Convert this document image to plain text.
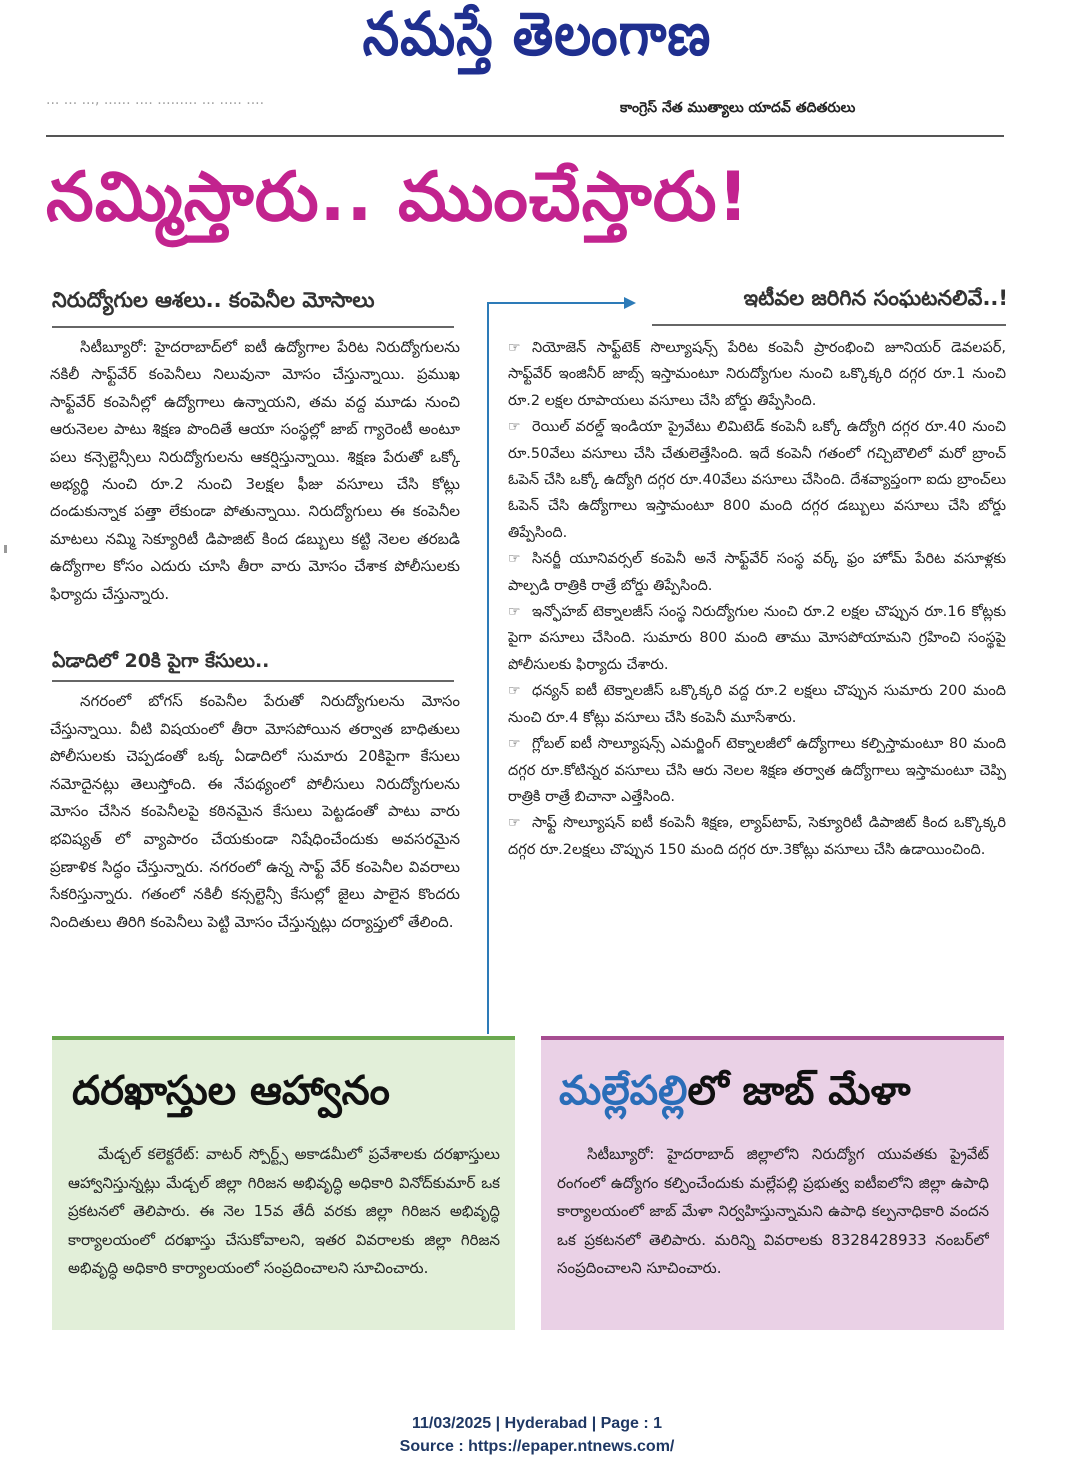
నమస్తే తెలంగాణ
... ... ..., ...... .... ......... ... ..... ....	కాంగ్రెస్ నేత ముత్యాలు యాదవ్ తదితరులు
నమ్మిస్తారు.. ముంచేస్తారు!
నిరుద్యోగుల ఆశలు.. కంపెనీల మోసాలు	ఇటీవల జరిగిన సంఘటనలివే..!
సిటీబ్యూరో: హైదరాబాద్‌లో ఐటీ ఉద్యోగాల పేరిట నిరుద్యోగులను నకిలీ సాఫ్ట్‌వేర్ కంపెనీలు నిలువునా మోసం చేస్తున్నాయి. ప్రముఖ సాఫ్ట్‌వేర్ కంపెనీల్లో ఉద్యోగాలు ఉన్నాయని, తమ వద్ద మూడు నుంచి ఆరునెలల పాటు శిక్షణ పొందితే ఆయా సంస్థల్లో జాబ్ గ్యారెంటీ అంటూ పలు కన్సెల్టెన్సీలు నిరుద్యోగులను ఆకర్షిస్తున్నాయి. శిక్షణ పేరుతో ఒక్కో అభ్యర్థి నుంచి రూ.2 నుంచి 3లక్షల ఫీజు వసూలు చేసి కోట్లు దండుకున్నాక పత్తా లేకుండా పోతున్నాయి. నిరుద్యోగులు ఈ కంపెనీల మాటలు నమ్మి సెక్యూరిటీ డిపాజిట్ కింద డబ్బులు కట్టి నెలల తరబడి ఉద్యోగాల కోసం ఎదురు చూసి తీరా వారు మోసం చేశాక పోలీసులకు ఫిర్యాదు చేస్తున్నారు.
ఏడాదిలో 20కి పైగా కేసులు..
నగరంలో బోగస్ కంపెనీల పేరుతో నిరుద్యోగులను మోసం చేస్తున్నాయి. వీటి విషయంలో తీరా మోసపోయిన తర్వాత బాధితులు పోలీసులకు చెప్పడంతో ఒక్క ఏడాదిలో సుమారు 20కిపైగా కేసులు నమోదైనట్లు తెలుస్తోంది. ఈ నేపథ్యంలో పోలీసులు నిరుద్యోగులను మోసం చేసిన కంపెనీలపై కఠినమైన కేసులు పెట్టడంతో పాటు వారు భవిష్యత్ లో వ్యాపారం చేయకుండా నిషేధించేందుకు అవసరమైన ప్రణాళిక సిద్ధం చేస్తున్నారు. నగరంలో ఉన్న సాఫ్ట్ వేర్ కంపెనీల వివరాలు సేకరిస్తున్నారు. గతంలో నకిలీ కన్సల్టెన్సీ కేసుల్లో జైలు పాలైన కొందరు నిందితులు తిరిగి కంపెనీలు పెట్టి మోసం చేస్తున్నట్లు దర్యాప్తులో తేలింది.
☞ నియోజెన్ సాఫ్ట్‌టెక్ సొల్యూషన్స్ పేరిట కంపెనీ ప్రారంభించి జూనియర్ డెవలపర్, సాఫ్ట్‌వేర్ ఇంజినీర్ జాబ్స్ ఇస్తామంటూ నిరుద్యోగుల నుంచి ఒక్కొక్కరి దగ్గర రూ.1 నుంచి రూ.2 లక్షల రూపాయలు వసూలు చేసి బోర్డు తిప్పేసింది.
☞ రెయిల్ వరల్డ్ ఇండియా ప్రైవేటు లిమిటెడ్ కంపెనీ ఒక్కో ఉద్యోగి దగ్గర రూ.40 నుంచి రూ.50వేలు వసూలు చేసి చేతులెత్తేసింది. ఇదే కంపెనీ గతంలో గచ్చిబౌలిలో మరో బ్రాంచ్ ఓపెన్ చేసి ఒక్కో ఉద్యోగి దగ్గర రూ.40వేలు వసూలు చేసింది. దేశవ్యాప్తంగా ఐదు బ్రాంచ్‌లు ఓపెన్ చేసి ఉద్యోగాలు ఇస్తామంటూ 800 మంది దగ్గర డబ్బులు వసూలు చేసి బోర్డు తిప్పేసింది.
☞ సినర్జీ యూనివర్సల్ కంపెనీ అనే సాఫ్ట్‌వేర్ సంస్థ వర్క్ ఫ్రం హోమ్ పేరిట వసూళ్లకు పాల్పడి రాత్రికి రాత్రే బోర్డు తిప్పేసింది.
☞ ఇన్ఫోహబ్ టెక్నాలజీస్ సంస్థ నిరుద్యోగుల నుంచి రూ.2 లక్షల చొప్పున రూ.16 కోట్లకు పైగా వసూలు చేసింది. సుమారు 800 మంది తాము మోసపోయామని గ్రహించి సంస్థపై పోలీసులకు ఫిర్యాదు చేశారు.
☞ ధన్యన్ ఐటీ టెక్నాలజీస్ ఒక్కొక్కరి వద్ద రూ.2 లక్షలు చొప్పున సుమారు 200 మంది నుంచి రూ.4 కోట్లు వసూలు చేసి కంపెనీ మూసేశారు.
☞ గ్లోబల్ ఐటీ సొల్యూషన్స్ ఎమర్జింగ్ టెక్నాలజీలో ఉద్యోగాలు కల్పిస్తామంటూ 80 మంది దగ్గర రూ.కోటిన్నర వసూలు చేసి ఆరు నెలల శిక్షణ తర్వాత ఉద్యోగాలు ఇస్తామంటూ చెప్పి రాత్రికి రాత్రే బిచానా ఎత్తేసింది.
☞ సాఫ్ట్ సొల్యూషన్ ఐటీ కంపెనీ శిక్షణ, ల్యాప్‌టాప్, సెక్యూరిటీ డిపాజిట్ కింద ఒక్కొక్కరి దగ్గర రూ.2లక్షలు చొప్పున 150 మంది దగ్గర రూ.3కోట్లు వసూలు చేసి ఉడాయించింది.
దరఖాస్తుల ఆహ్వానం
మేడ్చల్ కలెక్టరేట్: వాటర్ స్పోర్ట్స్ అకాడమీలో ప్రవేశాలకు దరఖాస్తులు ఆహ్వానిస్తున్నట్లు మేడ్చల్ జిల్లా గిరిజన అభివృద్ధి అధికారి వినోద్‌కుమార్ ఒక ప్రకటనలో తెలిపారు. ఈ నెల 15వ తేదీ వరకు జిల్లా గిరిజన అభివృద్ధి కార్యాలయంలో దరఖాస్తు చేసుకోవాలని, ఇతర వివరాలకు జిల్లా గిరిజన అభివృద్ధి అధికారి కార్యాలయంలో సంప్రదించాలని సూచించారు.
మల్లేపల్లిలో జాబ్ మేళా
సిటీబ్యూరో: హైదరాబాద్ జిల్లాలోని నిరుద్యోగ యువతకు ప్రైవేట్ రంగంలో ఉద్యోగం కల్పించేందుకు మల్లేపల్లి ప్రభుత్వ ఐటీఐలోని జిల్లా ఉపాధి కార్యాలయంలో జాబ్ మేళా నిర్వహిస్తున్నామని ఉపాధి కల్పనాధికారి వందన ఒక ప్రకటనలో తెలిపారు. మరిన్ని వివరాలకు 8328428933 నంబర్‌లో సంప్రదించాలని సూచించారు.
11/03/2025 | Hyderabad | Page : 1
Source : https://epaper.ntnews.com/
